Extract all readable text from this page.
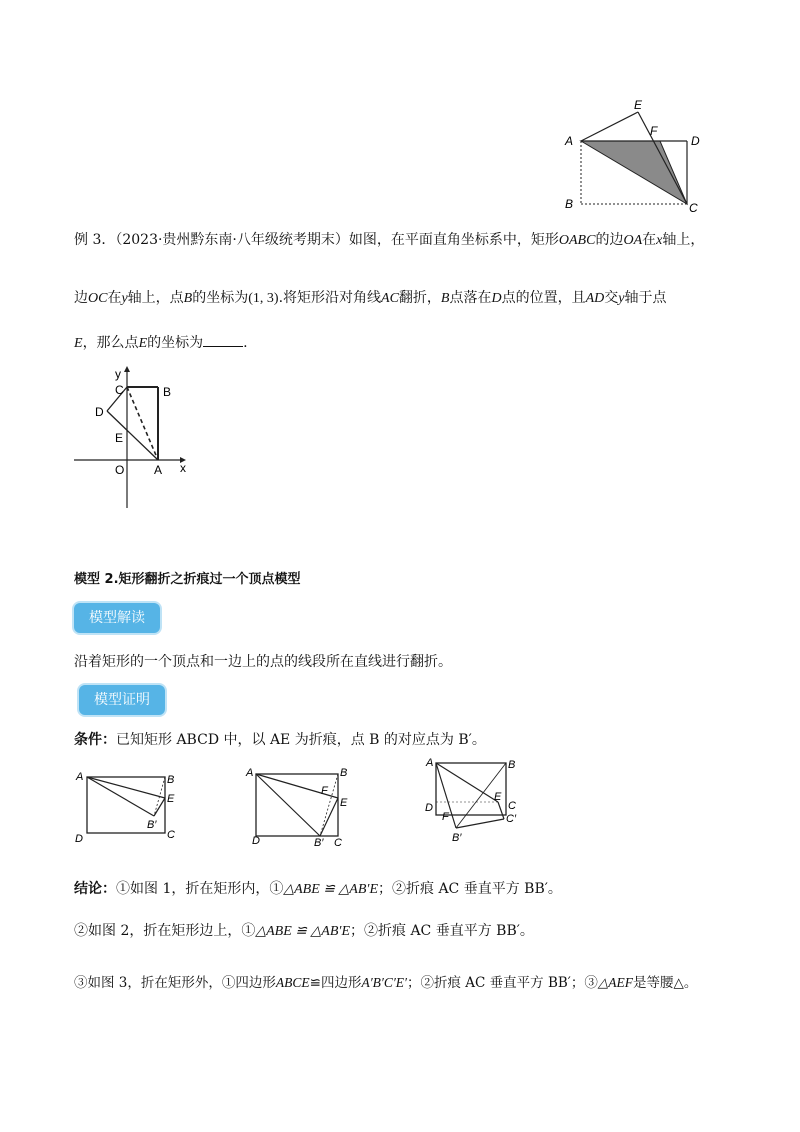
E
F
A	D
B	C
例 3．（2023·贵州黔东南·八年级统考期末）如图，在平面直角坐标系中，矩形OABC的边OA在x轴上，
边OC在y轴上，点B的坐标为(1, 3).将矩形沿对角线AC翻折，B点落在D点的位置，且AD交y轴于点
E，那么点E的坐标为	.
y
C	B
D
E
O A x
模型 2.矩形翻折之折痕过一个顶点模型
模型解读
沿着矩形的一个顶点和一边上的点的线段所在直线进行翻折。
模型证明
条件：已知矩形 ABCD 中，以 AE 为折痕，点 B 的对应点为 B′。
A	B
E
B′
D	C
A	B
F
E
D	B′ C
A	B
E
C
D
F	C′
B′
结论：①如图 1，折在矩形内，①△ABE ≌ △AB′E；②折痕 AC 垂直平方 BB′。
②如图 2，折在矩形边上，①△ABE ≌ △AB′E；②折痕 AC 垂直平方 BB′。
③如图 3，折在矩形外，①四边形ABCE≌四边形A′B′C′E′；②折痕 AC 垂直平方 BB′；③△AEF是等腰△。
